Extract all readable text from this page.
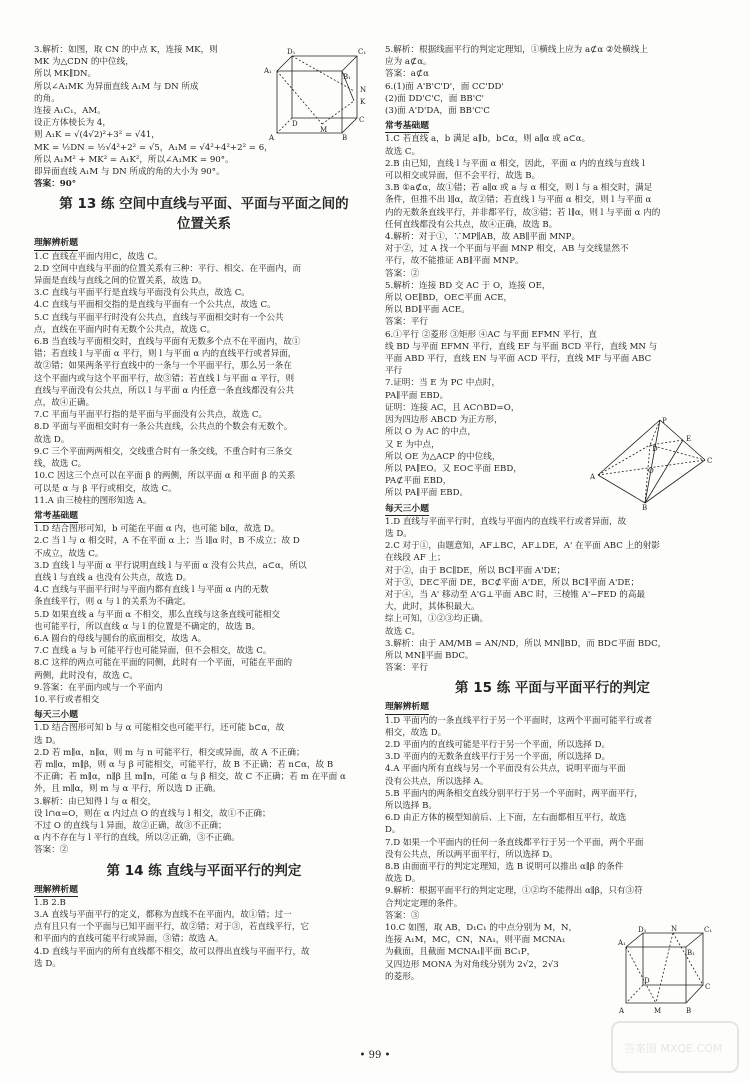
3.解析：如图，取 CN 的中点 K，连接 MK，则
MK 为△CDN 的中位线，
所以 MK∥DN。
所以∠A₁MK 为异面直线 A₁M 与 DN 所成
的角。
连接 A₁C₁，AM。
设正方体棱长为 4，
则 A₁K = √(4√2)²+3² = √41，
MK = ½DN = ½√4²+2² = √5，A₁M = √4²+4²+2² = 6，
所以 A₁M² + MK² = A₁K²，所以∠A₁MK = 90°。
即异面直线 A₁M 与 DN 所成的角的大小为 90°。
答案：90°
第 13 练 空间中直线与平面、平面与平面之间的位置关系
理解辨析题
1.C 直线在平面内用⊂，故选 C。
2.D 空间中直线与平面的位置关系有三种：平行、相交、在平面内，而
异面是直线与直线之间的位置关系，故选 D。
3.C 直线与平面平行是直线与平面没有公共点，故选 C。
4.C 直线与平面相交指的是直线与平面有一个公共点，故选 C。
5.C 直线与平面平行时没有公共点，直线与平面相交时有一个公共
点，直线在平面内时有无数个公共点，故选 C。
6.B 当直线与平面相交时，直线与平面有无数多个点不在平面内，故①
错；若直线 l 与平面 α 平行，则 l 与平面 α 内的直线平行或者异面，
故②错；如果两条平行直线中的一条与一个平面平行，那么另一条在
这个平面内或与这个平面平行，故③错；若直线 l 与平面 α 平行，则
直线与平面没有公共点，所以 l 与平面 α 内任意一条直线都没有公共
点，故④正确。
7.C 平面与平面平行指的是平面与平面没有公共点，故选 C。
8.D 平面与平面相交时有一条公共直线，公共点的个数会有无数个。
故选 D。
9.C 三个平面两两相交，交线重合时有一条交线，不重合时有三条交
线，故选 C。
10.C 因这三个点可以在平面 β 的两侧，所以平面 α 和平面 β 的关系
可以是 α 与 β 平行或相交，故选 C。
11.A 由三棱柱的图形知选 A。
常考基础题
1.D 结合图形可知，b 可能在平面 α 内，也可能 b∥α，故选 D。
2.C 当 l 与 α 相交时，A 不在平面 α 上；当 l∥α 时，B 不成立；故 D
不成立，故选 C。
3.D 直线 l 与平面 α 平行说明直线 l 与平面 α 没有公共点，a⊂α，所以
直线 l 与直线 a 也没有公共点，故选 D。
4.C 直线与平面平行时与平面内都有直线 l 与平面 α 内的无数
条直线平行，则 α 与 l 的关系为不确定。
5.D 如果直线 a 与平面 α 不相交，那么直线与这条直线可能相交
也可能平行，所以直线 α 与 l 的位置是不确定的，故选 B。
6.A 圆台的母线与圆台的底面相交，故选 A。
7.C 直线 a 与 b 可能平行也可能异面，但不会相交，故选 C。
8.C 这样的两点可能在平面的同侧，此时有一个平面，可能在平面的
两侧，此时没有，故选 C。
9.答案：在平面内或与一个平面内
10.平行或者相交
每天三小题
1.D 结合图形可知 b 与 α 可能相交也可能平行，还可能 b⊂α，故
选 D。
2.D 若 m∥α，n∥α，则 m 与 n 可能平行，相交或异面，故 A 不正确；
若 m∥α，m∥β，则 α 与 β 可能相交，可能平行，故 B 不正确；若 n⊂α，故 B
不正确；若 m∥α，n∥β 且 m∥n，可能 α 与 β 相交，故 C 不正确；若 m 在平面 α
外，且 m∥α，则 m 与 α 平行，所以选 D 正确。
3.解析：由已知得 l 与 α 相交，
设 l∩α=O，则在 α 内过点 O 的直线与 l 相交，故①不正确；
不过 O 的直线与 l 异面，故②正确，故③不正确；
α 内不存在与 l 平行的直线，所以②正确，③不正确。
答案：②
第 14 练 直线与平面平行的判定
理解辨析题
1.B 2.B
3.A 直线与平面平行的定义，都称为直线不在平面内，故①错；过一
点有且只有一个平面与已知平面平行，故②错；对于③，若直线平行，它
和平面内的直线可能平行或异面，③错；故选 A。
4.D 直线与平面内的所有直线都不相交，故可以得出直线与平面平行，故
选 D。
D₁	C₁
A₁
B₁
N
K
M
D	C
A	B
5.解析：根据线面平行的判定定理知，①横线上应为 a⊄α ②处横线上
应为 a⊄α。
答案：a⊄α
6.(1)面 A'B'C'D'，面 CC'DD'
(2)面 DD'C'C，面 BB'C'
(3)面 A'D'DA，面 BB'C'C
常考基础题
1.C 若直线 a，b 满足 a∥b，b⊂α，则 a∥α 或 a⊂α。
故选 C。
2.B 由已知，直线 l 与平面 α 相交，因此，平面 α 内的直线与直线 l
可以相交或异面，但不会平行，故选 B。
3.B ①a⊄α，故①错；若 a∥α 或 a 与 α 相交，则 l 与 a 相交时，满足
条件，但推不出 l∥α，故②错；若直线 l 与平面 α 相交，则 l 与平面 α
内的无数条直线平行，并非都平行，故③错；若 l∥α，则 l 与平面 α 内的
任何直线都没有公共点，故④正确，故选 B。
4.解析：对于①，∵MP∥AB，故 AB∥平面 MNP。
对于②，过 A 找一个平面与平面 MNP 相交，AB 与交线显然不
平行，故不能推证 AB∥平面 MNP。
答案：②
5.解析：连接 BD 交 AC 于 O，连接 OE，
所以 OE∥BD，OE⊂平面 ACE，
所以 BD∥平面 ACE。
答案：平行
6.①平行 ②菱形 ③矩形 ④AC 与平面 EFMN 平行，直
线 BD 与平面 EFMN 平行，直线 EF 与平面 BCD 平行，直线 MN 与
平面 ABD 平行，直线 EN 与平面 ACD 平行，直线 MF 与平面 ABC
平行
7.证明：当 E 为 PC 中点时，
PA∥平面 EBD。
证明：连接 AC，且 AC∩BD=O，
因为四边形 ABCD 为正方形，
所以 O 为 AC 的中点，
又 E 为中点，
所以 OE 为△ACP 的中位线，
所以 PA∥EO。又 EO⊂平面 EBD，
PA⊄平面 EBD，
所以 PA∥平面 EBD。
每天三小题
1.D 直线与平面平行时，直线与平面内的直线平行或者异面，故
选 D。
2.C 对于①，由题意知，AF⊥BC，AF⊥DE，A' 在平面 ABC 上的射影
在线段 AF 上；
对于②，由于 BC∥DE，所以 BC∥平面 A'DE；
对于③，DE⊂平面 DE，BC⊄平面 A'DE，所以 BC∥平面 A'DE；
对于④，当 A' 移动至 A'G⊥平面 ABC 时，三棱锥 A'−FED 的高最
大，此时，其体积最大。
综上可知，①②③均正确。
故选 C。
3.解析：由于 AM/MB = AN/ND，所以 MN∥BD，而 BD⊂平面 BDC，
所以 MN∥平面 BDC。
答案：平行
第 15 练 平面与平面平行的判定
理解辨析题
1.D 平面内的一条直线平行于另一个平面时，这两个平面可能平行或者
相交，故选 D。
2.D 平面内的直线可能是平行于另一个平面，所以选择 D。
3.D 平面内的无数条直线平行于另一个平面，所以选择 D。
4.A 平面内所有直线与另一个平面没有公共点，说明平面与平面
没有公共点，所以选择 A。
5.B 平面内的两条相交直线分别平行于另一个平面时，两平面平行，
所以选择 B。
6.D 由正方体的模型知前后、上下面，左右面都相互平行，故选
D。
7.D 如果一个平面内的任何一条直线都平行于另一个平面，两个平面
没有公共点，所以两平面平行，所以选择 D。
8.B 由面面平行的判定定理知，选 B 说明可以推出 α∥β 的条件
故选 D。
9.解析：根据平面平行的判定定理，①②均不能得出 α∥β，只有③符
合判定定理的条件。
答案：③
10.C 如图，取 AB，D₁C₁ 的中点分别为 M，N，
连接 A₁M，MC，CN，NA₁，则平面 MCNA₁
为截面，且截面 MCNA₁∥平面 BC₁P，
又四边形 MONA 为对角线分别为 2√2，2√3
的菱形。
P
E
D
C
A
B
O
D₁	N	C₁
A₁
B₁
D
C
A	M	B
• 99 •
答案圈 MXQE.COM
